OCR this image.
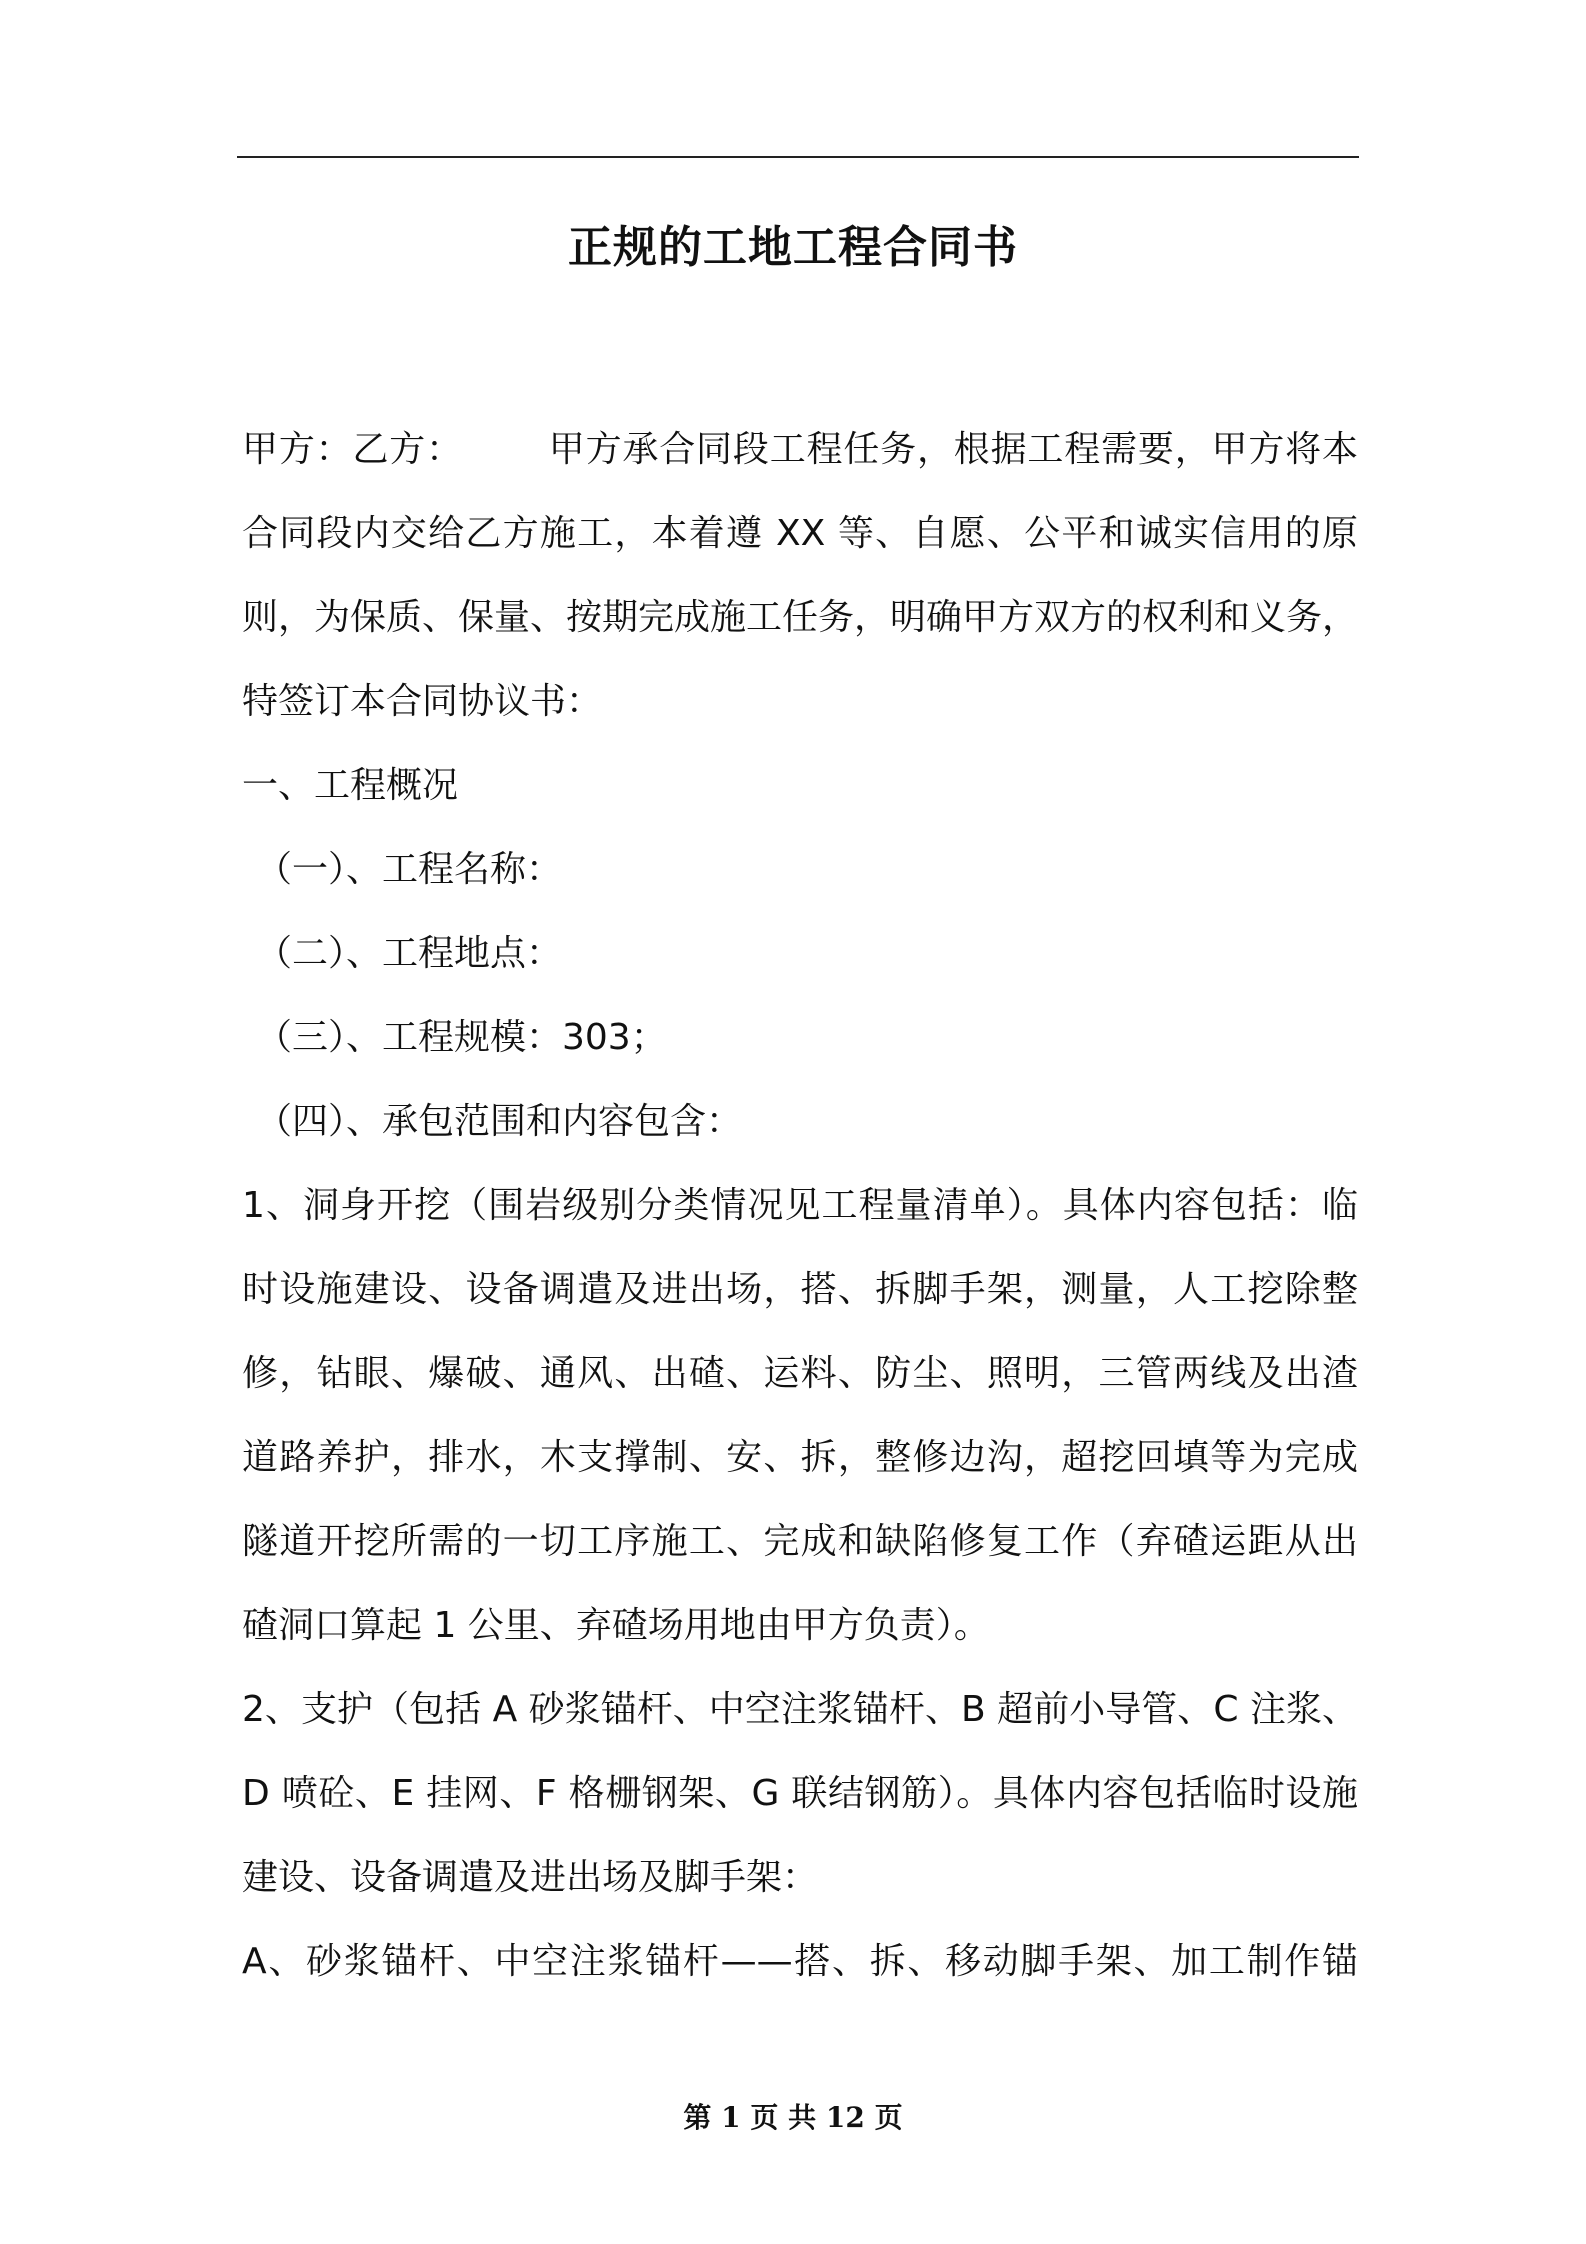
正规的工地工程合同书
甲方：乙方：       甲方承合同段工程任务，根据工程需要，甲方将本
合同段内交给乙方施工，本着遵 XX 等、自愿、公平和诚实信用的原
则，为保质、保量、按期完成施工任务，明确甲方双方的权利和义务，
特签订本合同协议书：
一、工程概况
（一）、工程名称：
（二）、工程地点：
（三）、工程规模：303；
（四）、承包范围和内容包含：
1、洞身开挖（围岩级别分类情况见工程量清单）。具体内容包括：临
时设施建设、设备调遣及进出场，搭、拆脚手架，测量，人工挖除整
修，钻眼、爆破、通风、出碴、运料、防尘、照明，三管两线及出渣
道路养护，排水，木支撑制、安、拆，整修边沟，超挖回填等为完成
隧道开挖所需的一切工序施工、完成和缺陷修复工作（弃碴运距从出
碴洞口算起 1 公里、弃碴场用地由甲方负责）。
2、支护（包括 A 砂浆锚杆、中空注浆锚杆、B 超前小导管、C 注浆、
D 喷砼、E 挂网、F 格栅钢架、G 联结钢筋）。具体内容包括临时设施
建设、设备调遣及进出场及脚手架：
A、砂浆锚杆、中空注浆锚杆——搭、拆、移动脚手架、加工制作锚
第 1 页 共 12 页
